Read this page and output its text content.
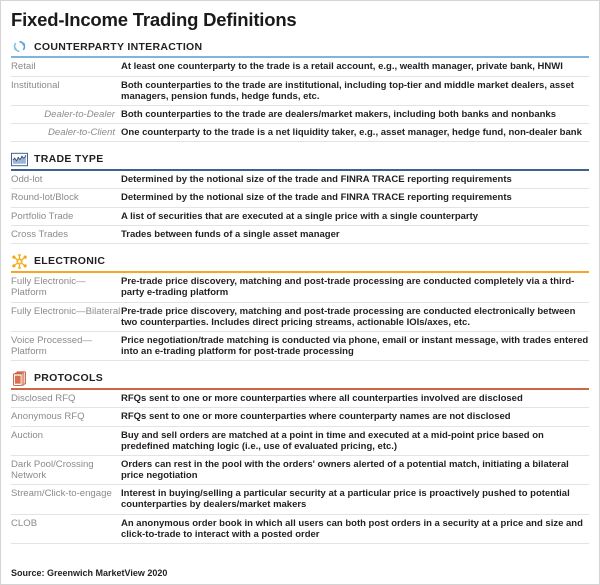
Fixed-Income Trading Definitions
COUNTERPARTY INTERACTION
Retail	At least one counterparty to the trade is a retail account, e.g., wealth manager, private bank, HNWI
Institutional	Both counterparties to the trade are institutional, including top-tier and middle market dealers, asset managers, pension funds, hedge funds, etc.
Dealer-to-Dealer	Both counterparties to the trade are dealers/market makers, including both banks and nonbanks
Dealer-to-Client	One counterparty to the trade is a net liquidity taker, e.g., asset manager, hedge fund, non-dealer bank
TRADE TYPE
Odd-lot	Determined by the notional size of the trade and FINRA TRACE reporting requirements
Round-lot/Block	Determined by the notional size of the trade and FINRA TRACE reporting requirements
Portfolio Trade	A list of securities that are executed at a single price with a single counterparty
Cross Trades	Trades between funds of a single asset manager
ELECTRONIC
Fully Electronic—Platform	Pre-trade price discovery, matching and post-trade processing are conducted completely via a third-party e-trading platform
Fully Electronic—Bilateral	Pre-trade price discovery, matching and post-trade processing are conducted electronically between two counterparties. Includes direct pricing streams, actionable IOIs/axes, etc.
Voice Processed—Platform	Price negotiation/trade matching is conducted via phone, email or instant message, with trades entered into an e-trading platform for post-trade processing
PROTOCOLS
Disclosed RFQ	RFQs sent to one or more counterparties where all counterparties involved are disclosed
Anonymous RFQ	RFQs sent to one or more counterparties where counterparty names are not disclosed
Auction	Buy and sell orders are matched at a point in time and executed at a mid-point price based on predefined matching logic (i.e., use of evaluated pricing, etc.)
Dark Pool/Crossing Network	Orders can rest in the pool with the orders' owners alerted of a potential match, initiating a bilateral price negotiation
Stream/Click-to-engage	Interest in buying/selling a particular security at a particular price is proactively pushed to potential counterparties by dealers/market makers
CLOB	An anonymous order book in which all users can both post orders in a security at a price and size and click-to-trade to interact with a posted order
Source: Greenwich MarketView 2020
